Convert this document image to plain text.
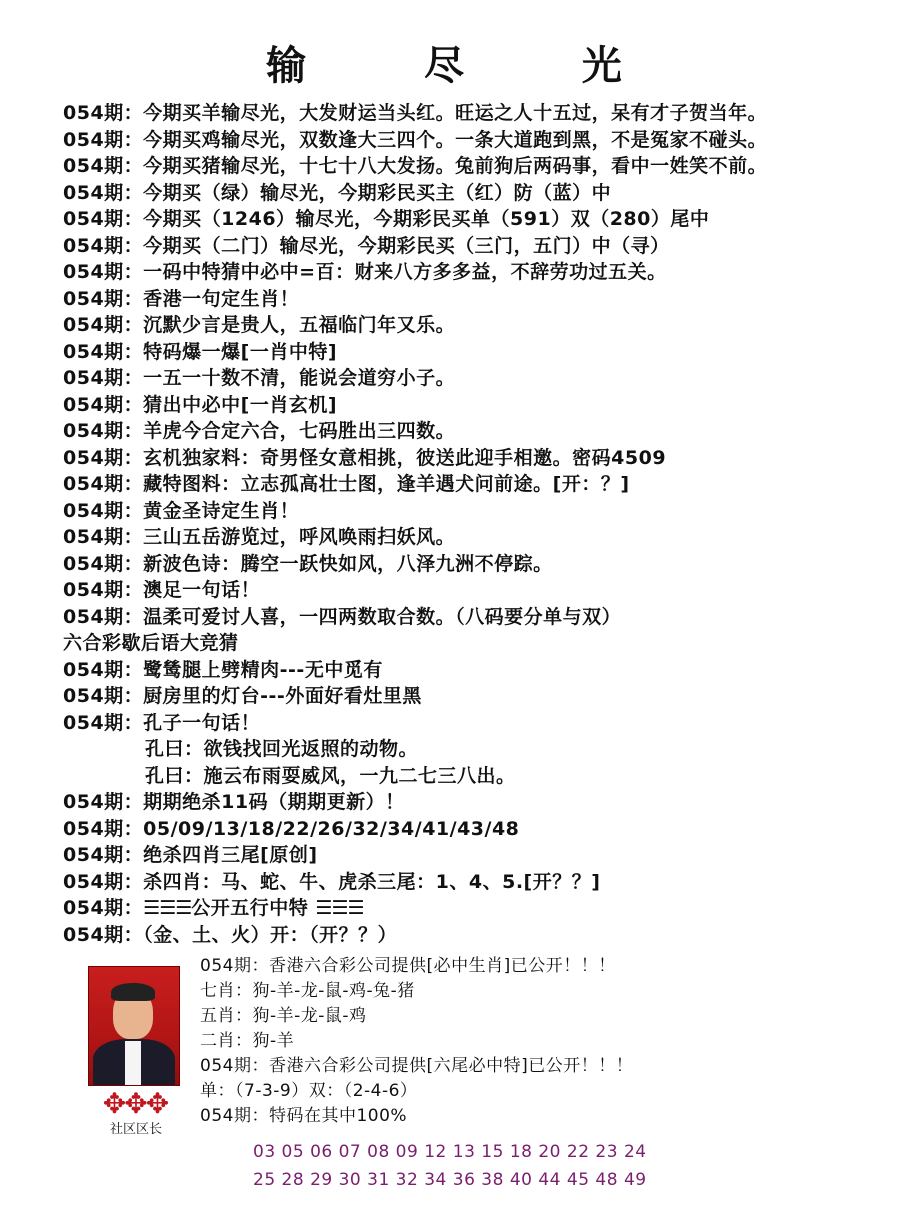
输 尽 光
054期：今期买羊输尽光，大发财运当头红。旺运之人十五过，呆有才子贺当年。
054期：今期买鸡输尽光，双数逢大三四个。一条大道跑到黑，不是冤家不碰头。
054期：今期买猪输尽光，十七十八大发扬。兔前狗后两码事，看中一姓笑不前。
054期：今期买（绿）输尽光，今期彩民买主（红）防（蓝）中
054期：今期买（1246）输尽光，今期彩民买单（591）双（280）尾中
054期：今期买（二门）输尽光，今期彩民买（三门，五门）中（寻）
054期：一码中特猜中必中=百：财来八方多多益，不辞劳功过五关。
054期：香港一句定生肖！
054期：沉默少言是贵人，五福临门年又乐。
054期：特码爆一爆[一肖中特]
054期：一五一十数不清，能说会道穷小子。
054期：猜出中必中[一肖玄机]
054期：羊虎今合定六合，七码胜出三四数。
054期：玄机独家料：奇男怪女意相挑，彼送此迎手相邀。密码4509
054期：藏特图料：立志孤高壮士图，逢羊遇犬问前途。[开：？]
054期：黄金圣诗定生肖！
054期：三山五岳游览过，呼风唤雨扫妖风。
054期：新波色诗：腾空一跃快如风，八泽九洲不停踪。
054期：澳足一句话！
054期：温柔可爱讨人喜，一四两数取合数。（八码要分单与双）
六合彩歇后语大竞猜
054期：鹭鸶腿上劈精肉---无中觅有
054期：厨房里的灯台---外面好看灶里黑
054期：孔子一句话！
孔曰：欲钱找回光返照的动物。
孔曰：施云布雨耍威风，一九二七三八出。
054期：期期绝杀11码（期期更新）！
054期：05/09/13/18/22/26/32/34/41/43/48
054期：绝杀四肖三尾[原创]
054期：杀四肖：马、蛇、牛、虎杀三尾：1、4、5.[开？？]
054期：☰☰☰公开五行中特 ☰☰☰
054期：（金、土、火）开：（开？？）
✥
✥
✥
社区区长
054期：香港六合彩公司提供[必中生肖]已公开！！！
七肖：狗-羊-龙-鼠-鸡-兔-猪
五肖：狗-羊-龙-鼠-鸡
二肖：狗-羊
054期：香港六合彩公司提供[六尾必中特]已公开！！！
单：（7-3-9）双：（2-4-6）
054期：特码在其中100%
03 05 06 07 08 09 12 13 15 18 20 22 23 24
25 28 29 30 31 32 34 36 38 40 44 45 48 49
